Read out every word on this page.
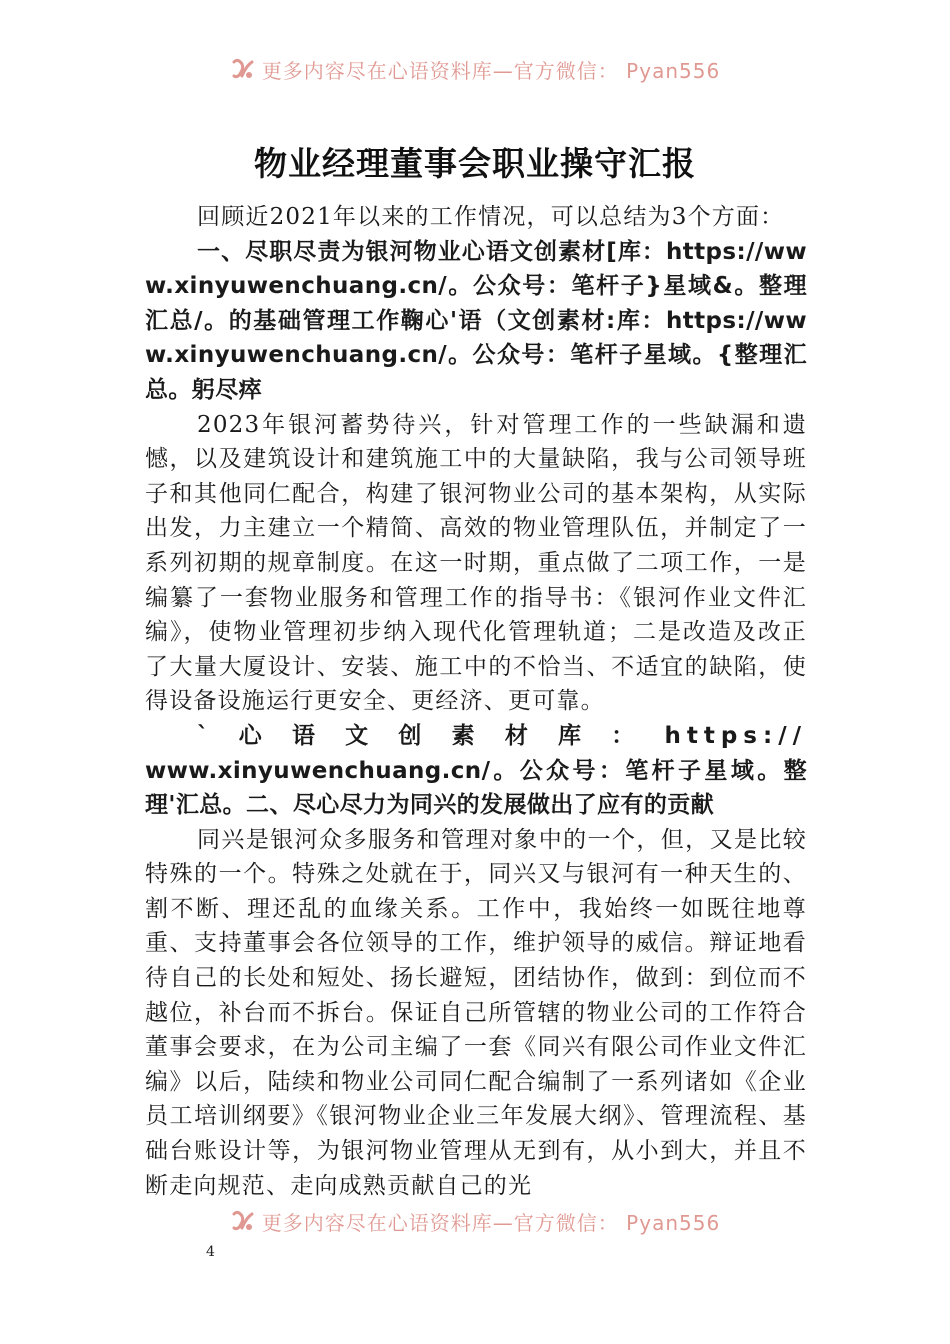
更多内容尽在心语资料库—官方微信： Pyan556
物业经理董事会职业操守汇报

回顾近2021年以来的工作情况，可以总结为3个方面：

一、尽职尽责为银河物业心语文创素材[库：https://www.xinyuwenchuang.cn/。公众号：笔杆子}星域&。整理汇总/。的基础管理工作鞠心'语（文创素材:库：https://www.xinyuwenchuang.cn/。公众号：笔杆子星域。{整理汇总。躬尽瘁

2023年银河蓄势待兴，针对管理工作的一些缺漏和遗憾，以及建筑设计和建筑施工中的大量缺陷，我与公司领导班子和其他同仁配合，构建了银河物业公司的基本架构，从实际出发，力主建立一个精简、高效的物业管理队伍，并制定了一系列初期的规章制度。在这一时期，重点做了二项工作，一是编纂了一套物业服务和管理工作的指导书：《银河作业文件汇编》，使物业管理初步纳入现代化管理轨道；二是改造及改正了大量大厦设计、安装、施工中的不恰当、不适宜的缺陷，使得设备设施运行更安全、更经济、更可靠。

`心语文创素材库：https://

www.xinyuwenchuang.cn/。公众号：笔杆子星域。整理'汇总。二、尽心尽力为同兴的发展做出了应有的贡献

同兴是银河众多服务和管理对象中的一个，但，又是比较特殊的一个。特殊之处就在于，同兴又与银河有一种天生的、割不断、理还乱的血缘关系。工作中，我始终一如既往地尊重、支持董事会各位领导的工作，维护领导的威信。辩证地看待自己的长处和短处、扬长避短，团结协作，做到：到位而不越位，补台而不拆台。保证自己所管辖的物业公司的工作符合董事会要求，在为公司主编了一套《同兴有限公司作业文件汇编》以后，陆续和物业公司同仁配合编制了一系列诸如《企业员工培训纲要》《银河物业企业三年发展大纲》、管理流程、基础台账设计等，为银河物业管理从无到有，从小到大，并且不断走向规范、走向成熟贡献自己的光

更多内容尽在心语资料库—官方微信： Pyan556
4
